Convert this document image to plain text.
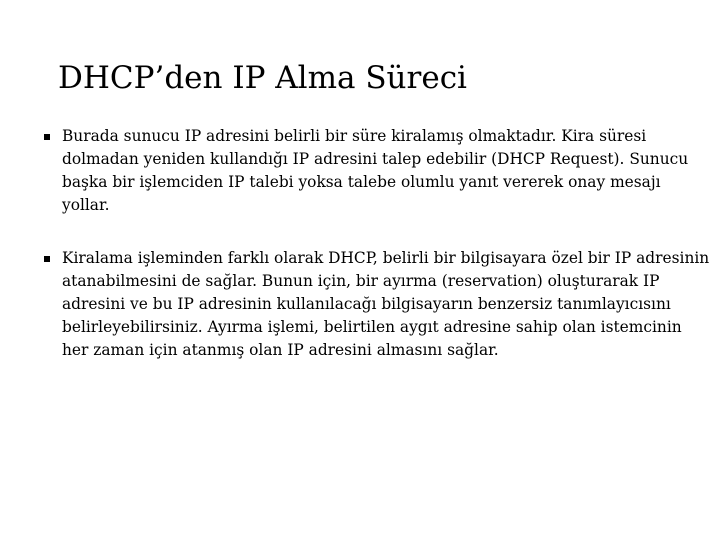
DHCP’den IP Alma Süreci
Burada sunucu IP adresini belirli bir süre kiralamış olmaktadır. Kira süresi dolmadan yeniden kullandığı IP adresini talep edebilir (DHCP Request). Sunucu başka bir işlemciden IP talebi yoksa talebe olumlu yanıt vererek onay mesajı yollar.
Kiralama işleminden farklı olarak DHCP, belirli bir bilgisayara özel bir IP adresinin atanabilmesini de sağlar. Bunun için, bir ayırma (reservation) oluşturarak IP adresini ve bu IP adresinin kullanılacağı bilgisayarın benzersiz tanımlayıcısını belirleyebilirsiniz. Ayırma işlemi, belirtilen aygıt adresine sahip olan istemcinin her zaman için atanmış olan IP adresini almasını sağlar.
